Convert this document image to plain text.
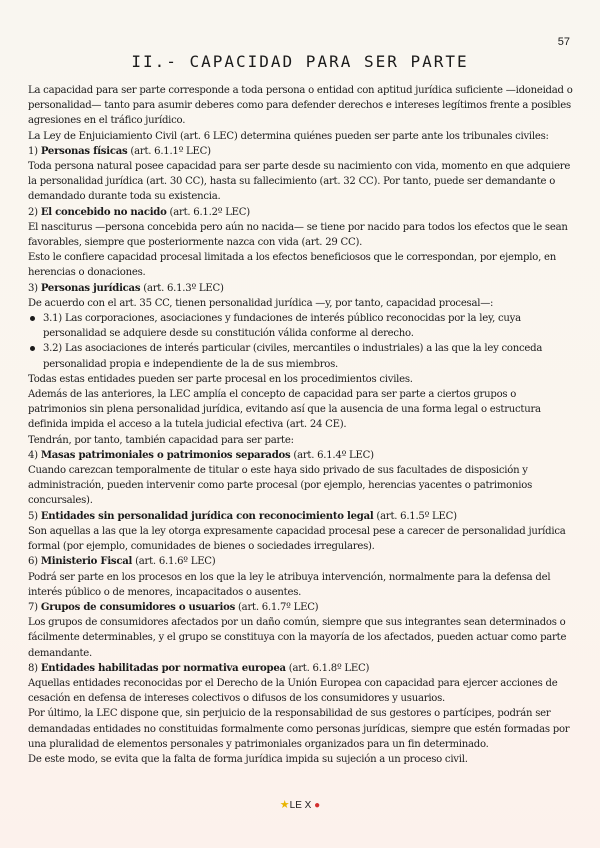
57
II.- CAPACIDAD PARA SER PARTE

La capacidad para ser parte corresponde a toda persona o entidad con aptitud jurídica suficiente —idoneidad o personalidad— tanto para asumir deberes como para defender derechos e intereses legítimos frente a posibles agresiones en el tráfico jurídico.

La Ley de Enjuiciamiento Civil (art. 6 LEC) determina quiénes pueden ser parte ante los tribunales civiles:

1) Personas físicas (art. 6.1.1º LEC)

Toda persona natural posee capacidad para ser parte desde su nacimiento con vida, momento en que adquiere la personalidad jurídica (art. 30 CC), hasta su fallecimiento (art. 32 CC). Por tanto, puede ser demandante o demandado durante toda su existencia.

2) El concebido no nacido (art. 6.1.2º LEC)

El nasciturus —persona concebida pero aún no nacida— se tiene por nacido para todos los efectos que le sean favorables, siempre que posteriormente nazca con vida (art. 29 CC).

Esto le confiere capacidad procesal limitada a los efectos beneficiosos que le correspondan, por ejemplo, en herencias o donaciones.

3) Personas jurídicas (art. 6.1.3º LEC)

De acuerdo con el art. 35 CC, tienen personalidad jurídica —y, por tanto, capacidad procesal—:

3.1) Las corporaciones, asociaciones y fundaciones de interés público reconocidas por la ley, cuya personalidad se adquiere desde su constitución válida conforme al derecho.
3.2) Las asociaciones de interés particular (civiles, mercantiles o industriales) a las que la ley conceda personalidad propia e independiente de la de sus miembros.

Todas estas entidades pueden ser parte procesal en los procedimientos civiles.

Además de las anteriores, la LEC amplía el concepto de capacidad para ser parte a ciertos grupos o patrimonios sin plena personalidad jurídica, evitando así que la ausencia de una forma legal o estructura definida impida el acceso a la tutela judicial efectiva (art. 24 CE).

Tendrán, por tanto, también capacidad para ser parte:

4) Masas patrimoniales o patrimonios separados (art. 6.1.4º LEC)

Cuando carezcan temporalmente de titular o este haya sido privado de sus facultades de disposición y administración, pueden intervenir como parte procesal (por ejemplo, herencias yacentes o patrimonios concursales).

5) Entidades sin personalidad jurídica con reconocimiento legal (art. 6.1.5º LEC)

Son aquellas a las que la ley otorga expresamente capacidad procesal pese a carecer de personalidad jurídica formal (por ejemplo, comunidades de bienes o sociedades irregulares).

6) Ministerio Fiscal (art. 6.1.6º LEC)

Podrá ser parte en los procesos en los que la ley le atribuya intervención, normalmente para la defensa del interés público o de menores, incapacitados o ausentes.

7) Grupos de consumidores o usuarios (art. 6.1.7º LEC)

Los grupos de consumidores afectados por un daño común, siempre que sus integrantes sean determinados o fácilmente determinables, y el grupo se constituya con la mayoría de los afectados, pueden actuar como parte demandante.

8) Entidades habilitadas por normativa europea (art. 6.1.8º LEC)

Aquellas entidades reconocidas por el Derecho de la Unión Europea con capacidad para ejercer acciones de cesación en defensa de intereses colectivos o difusos de los consumidores y usuarios.

Por último, la LEC dispone que, sin perjuicio de la responsabilidad de sus gestores o partícipes, podrán ser demandadas entidades no constituidas formalmente como personas jurídicas, siempre que estén formadas por una pluralidad de elementos personales y patrimoniales organizados para un fin determinado.

De este modo, se evita que la falta de forma jurídica impida su sujeción a un proceso civil.

★LE X ●
